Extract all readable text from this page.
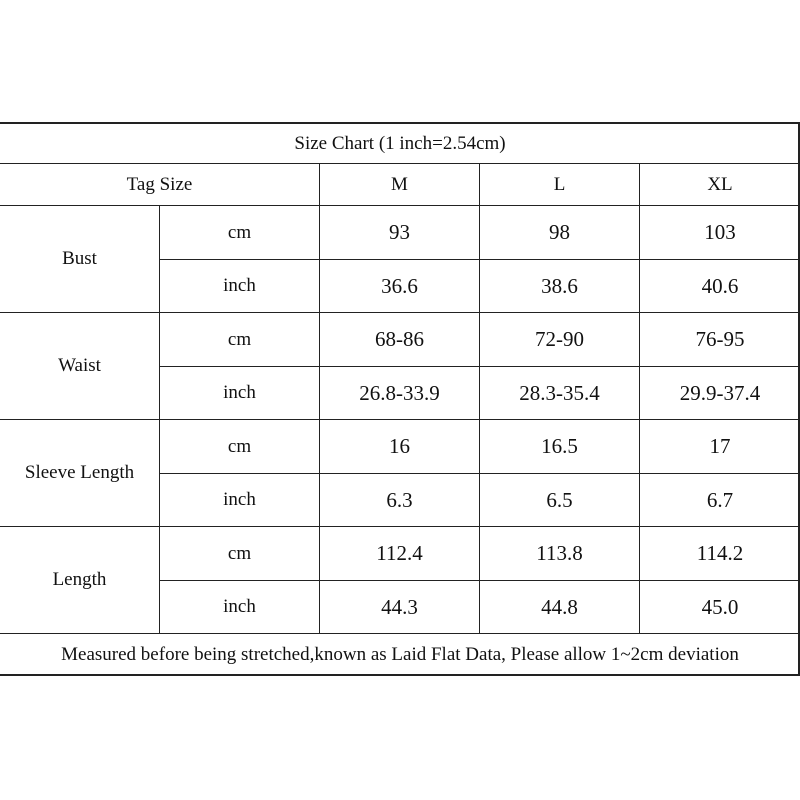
Size Chart (1 inch=2.54cm)
Tag Size	M	L	XL
Bust
cm	93	98	103
inch	36.6	38.6	40.6
Waist
cm	68-86	72-90	76-95
inch	26.8-33.9	28.3-35.4	29.9-37.4
Sleeve Length
cm	16	16.5	17
inch	6.3	6.5	6.7
Length
cm	112.4	113.8	114.2
inch	44.3	44.8	45.0
Measured before being stretched,known as Laid Flat Data, Please allow 1~2cm deviation
